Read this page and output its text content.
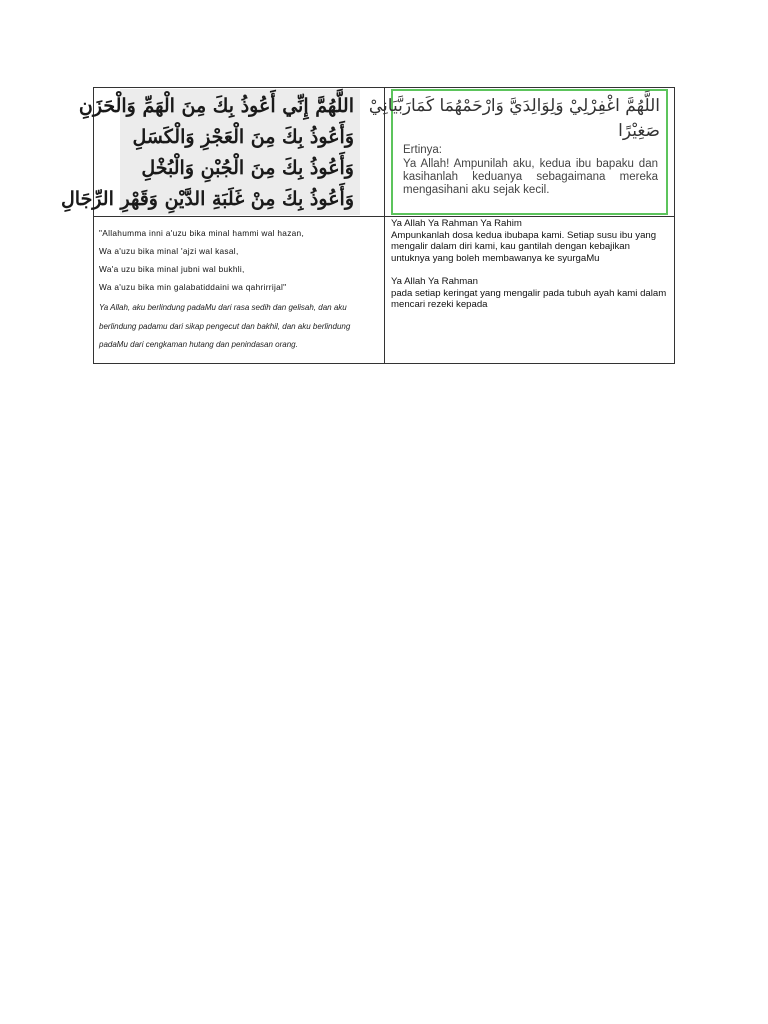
اللَّهُمَّ إِنِّي أَعُوذُ بِكَ مِنَ الْهَمِّ وَالْحَزَنِ
وَأَعُوذُ بِكَ مِنَ الْعَجْزِ وَالْكَسَلِ
وَأَعُوذُ بِكَ مِنَ الْجُبْنِ وَالْبُخْلِ
وَأَعُوذُ بِكَ مِنْ غَلَبَةِ الدَّيْنِ وَقَهْرِ الرِّجَالِ
اللَّهُمَّ اغْفِرْلِيْ وَلِوَالِدَيَّ وَارْحَمْهُمَا كَمَارَبَّيَانِيْ
صَغِيْرًا
Ertinya:
Ya Allah! Ampunilah aku, kedua ibu bapaku dan kasihanlah keduanya sebagaimana mereka mengasihani aku sejak kecil.

"Allahumma inni a'uzu bika minal hammi wal hazan,

Wa a'uzu bika minal 'ajzi wal kasal,

Wa'a uzu bika minal jubni wal bukhli,

Wa a'uzu bika min galabatiddaini wa qahrirrijal"

Ya Allah, aku berlindung padaMu dari rasa sedih dan gelisah, dan aku berlindung padamu dari sikap pengecut dan bakhil, dan aku berlindung padaMu dari cengkaman hutang dan penindasan orang.

Ya Allah Ya Rahman Ya Rahim

Ampunkanlah dosa kedua ibubapa kami. Setiap susu ibu yang mengalir dalam diri kami, kau gantilah dengan kebajikan untuknya yang boleh membawanya ke syurgaMu

Ya Allah Ya Rahman

pada setiap keringat yang mengalir pada tubuh ayah kami dalam mencari rezeki kepada
